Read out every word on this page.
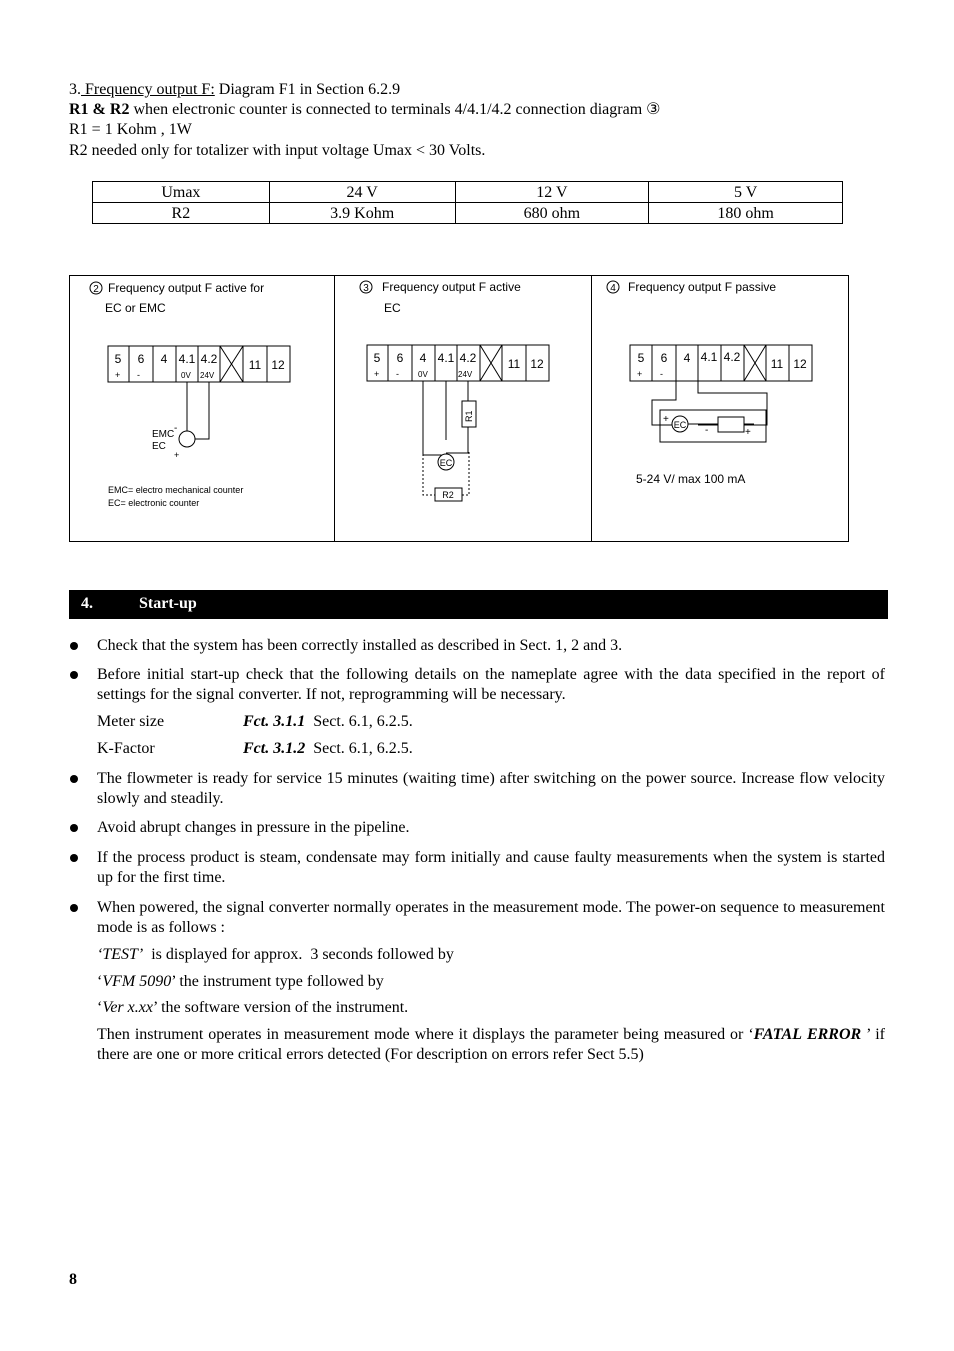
3. Frequency output F: Diagram F1 in Section 6.2.9
R1 & R2 when electronic counter is connected to terminals 4/4.1/4.2 connection diagram ③
R1 = 1 Kohm , 1W
R2 needed only for totalizer with input voltage Umax < 30 Volts.
Umax	24 V	12 V	5 V
R2	3.9 Kohm	680 ohm	180 ohm
2 Frequency output F active for
EC or EMC
5 6 4 4.1 4.2	11 12
+ -	0V 24V
EMC
EC
-
+
EMC= electro mechanical counter
EC= electronic counter
3 Frequency output F active
EC
5 6 4 4.1 4.2	11 12
+ - 0V	24V
R1
EC
R2
4 Frequency output F passive
5 6 4 4.1 4.2	11 12
+ -
EC
+
-	+
5-24 V/ max 100 mA
4.	Start-up
Check that the system has been correctly installed as described in Sect. 1, 2 and 3.
Before initial start-up check that the following details on the nameplate agree with the data specified in the report of settings for the signal converter. If not, reprogramming will be necessary.
Meter size	Fct. 3.1.1  Sect. 6.1, 6.2.5.
K-Factor	Fct. 3.1.2  Sect. 6.1, 6.2.5.
The flowmeter is ready for service 15 minutes (waiting time) after switching on the power source. Increase flow velocity slowly and steadily.
Avoid abrupt changes in pressure in the pipeline.
If the process product is steam, condensate may form initially and cause faulty measurements when the system is started up for the first time.
When powered, the signal converter normally operates in the measurement mode. The power-on sequence to measurement mode is as follows :
‘TEST’  is displayed for approx.  3 seconds followed by
‘VFM 5090’ the instrument type followed by
‘Ver x.xx’ the software version of the instrument.
Then instrument operates in measurement mode where it displays the parameter being measured or ‘FATAL ERROR ’ if there are one or more critical errors detected (For description on errors refer Sect 5.5)
8
